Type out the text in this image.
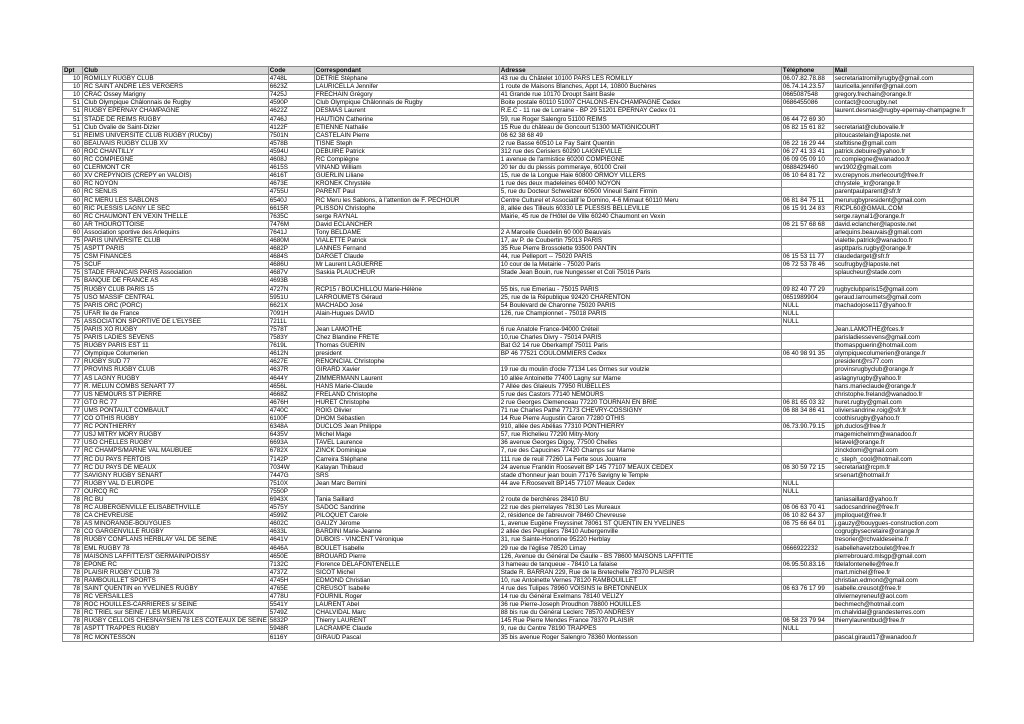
Dpt	Club	Code	Correspondant	Adresse	Téléphone	Mail
10	ROMILLY RUGBY CLUB	4748L	DETRIE Stéphane	43 rue du Châtelet 10100 PARS LES ROMILLY	06.07.82.78.88	secretariatromillyrugby@gmail.com
10	RC SAINT ANDRE LES VERGERS	6623Z	LAURICELLA Jennifer	1 route de Maisons Blanches, Appt 14, 10800 Buchères	06.74.14.23.57	lauricella.jennifer@gmail.com
10	CRAC Ossey Marigny	7425J	FRECHAIN Grégory	41 Grande rue 10170 Droupt Saint Basle	0665087548	gregory.frechain@orange.fr
51	Club Olympique Châlonnais de Rugby	4590P	Club Olympique Châlonnais de Rugby	Boite postale 60110 51007 CHALONS-EN-CHAMPAGNE Cedex	0686455086	contact@cocrugby.net
51	RUGBY EPERNAY CHAMPAGNE	4622Z	DESMAS Laurent	R.E.C - 11 rue de Lorraine - BP 29 51201 EPERNAY Cedex 01		laurent.desmas@rugby-epernay-champagne.fr
51	STADE DE REIMS RUGBY	4746J	HAUTION Catherine	59, rue Roger Salengro 51100 REIMS	06 44 72 69 30	
51	Club Ovalie de Saint-Dizier	4122F	ETIENNE Nathalie	15 Rue du château de Goncourt 51300 MATIGNICOURT	06 82 15 61 82	secretariat@clubovalie.fr
51	REIMS UNIVERSITE CLUB RUGBY (RUCby)	7501N	CASTELAIN Pierre	06 62 38 68 49		pitoucastelain@laposte.net
60	BEAUVAIS RUGBY CLUB XV	4578B	TISNE Steph	2 rue Basse 60510 Le Fay Saint Quentin	06 22 16 29 44	steftitisne@gmail.com
60	ROC CHANTILLY	4594U	DEBUIRE Patrick	312 rue des Cerisiers 60290 LAIGNEVILLE	06 27 41 33 41	patrick.debuire@yahoo.fr
60	RC COMPIEGNE	4608J	RC Compiègne	1 avenue de l'armistice 60200 COMPIEGNE	06 09 05 09 10	rc.compiegne@wanadoo.fr
60	CLERMONT CR	4615S	VINAND William	20 ter du du plessis pommeraye, 60100 Creil	0688429460	wv1902@gmail.com
60	XV CREPYNOIS (CREPY en VALOIS)	4616T	GUERLIN Liliane	15, rue de la Longue Haie 60800 ORMOY VILLERS	06 10 64 81 72	xv.crepynois.merlecourt@free.fr
60	RC NOYON	4673E	KRONEK Chrystèle	1 rue des deux madeleines 60400 NOYON		chrystele_kr@orange.fr
60	RC SENLIS	4755U	PARENT Paul	5, rue du Docteur Schweitzer 60500 Vineuil Saint Firmin		parentpaulparent@sfr.fr
60	RC MERU LES SABLONS	6540J	RC Meru les Sablons, à l'attention de F. PECHOUR	Centre Culturel et Associatif le Domino, 4-6 Mimaut 60110 Meru	06 81 84 75 11	merurugbypresident@gmail.com
60	RIC PLESSIS LAGNY LE SEC	6615R	PLISSON Christophe	8, allée des Tilleuls 60330 LE PLESSIS BELLEVILLE	06 15 91 24 83	RICPL60@GMAIL.COM
60	RC CHAUMONT EN VEXIN THELLE	7635C	serge RAYNAL	Mairie, 45 rue de l'Hôtel de Ville 60240 Chaumont en Vexin		serge.raynal1@orange.fr
60	AR THOUROTTOISE	7476M	David ECLANCHER		06 21 57 68 68	david.eclancher@laposte.net
60	Association sportive des Arlequins	7641J	Tony BELDAME	2 A Marcelle Guedelin 60 000 Beauvais		arlequins.beauvais@gmail.com
75	PARIS UNIVERSITE CLUB	4680M	VIALETTE Patrick	17, av P. de Coubertin 75013 PARIS		vialette.patrick@wanadoo.fr
75	ASPTT PARIS	4682P	LANNES Fernand	35 Rue Pierre Brossolette 93500 PANTIN		aspttparis.rugby@orange.fr
75	CSM FINANCES	4684S	DARGET Claude	44, rue Pelleport -- 75020 PARIS	06 15 53 11 77	claudedarget@sfr.fr
75	SCUF	4686U	Mr Laurent LAGUERRE	10 cour de la Metairie - 75020 Paris	06 72 53 78 46	scufrugby@laposte.net
75	STADE FRANCAIS PARIS Association	4687V	Saskia PLAUCHEUR	Stade Jean Bouin, rue Nungesser et Coli 75016 Paris		splaucheur@stade.com
75	BANQUE DE FRANCE AS	4693B				
75	RUGBY CLUB PARIS 15	4727N	RCP15 / BOUCHILLOU Marie-Hélène	55 bis, rue Emeriau - 75015 PARIS	09 82 40 77 29	rugbyclubparis15@gmail.com
75	USO MASSIF CENTRAL	5951U	LARROUMETS Géraud	25, rue de la République 92420 CHARENTON	0651989904	geraud.larroumets@gmail.com
75	PARIS ORC (PORC)	6621X	MACHADO José	54 Boulevard de Charonne 75020 PARIS	NULL	machadojose117@yahoo.fr
75	UFAR Ile de France	7091H	Alain-Hugues DAVID	126, rue Championnet - 75018 PARIS	NULL	
75	ASSOCIATION SPORTIVE DE L'ELYSEE	7211L			NULL	
75	PARIS XO RUGBY	7578T	Jean LAMOTHE	6 rue Anatole France-94000 Créteil		Jean.LAMOTHE@fces.fr
75	PARIS LADIES SEVENS	7583Y	Chez Blandine FRETE	10,rue Charles Divry - 75014 PARIS		parisladiessevens@gmail.com
75	RUGBY PARIS EST 11	7619L	Thomas GUERIN	Bat G2 14 rue Oberkampf 75011 Paris		thomaspguerin@hotmail.com
77	Olympique Columerien	4612N	president	BP 46 77521 COULOMMIERS Cedex	06 40 98 91 35	olympiquecolumerien@orange.fr
77	RUGBY SUD 77	4627E	RENONCIAL Christophe			president@rs77.com
77	PROVINS RUGBY CLUB	4637R	GIRARD Xavier	19 rue du moulin d'ocle 77134 Les Ormes sur voulzie		provinsrugbyclub@orange.fr
77	AS LAGNY RUGBY	4644Y	ZIMMERMANN Laurent	10 allée Antoinette 77400 Lagny sur Marne		aslagnyrugby@yahoo.fr
77	R. MELUN COMBS SENART 77	4656L	HANS Marie-Claude	7 Allée des Glaieuls 77950 RUBELLES		hans.marieclaude@orange.fr
77	US NEMOURS ST PIERRE	4668Z	FRELAND Christophe	5 rue des Castors 77140 NEMOURS		christophe.freland@wanadoo.fr
77	GTO RC 77	4676H	HURET Christophe	2 rue Georges Clemenceau 77220 TOURNAN EN BRIE	06 81 65 03 32	huret.rugby@gmail.com
77	UMS PONTAULT COMBAULT	4740C	ROIG Olivier	71 rue Charles Pathé 77173 CHEVRY-COSSIGNY	06 88 34 86 41	oliviersandrine.roig@sfr.fr
77	CO OTHIS RUGBY	6100F	DHOM Sébastien	14 Rue Pierre Augustin Caron 77280 OTHIS		coothisrugby@yahoo.fr
77	RC PONTHIERRY	6348A	DUCLOS Jean Philippe	910, allée des Abélias 77310 PONTHIERRY	06.73.90.79.15	jph.duclos@free.fr
77	USJ MITRY MORY RUGBY	6435V	Michel Mage	57, rue Richelieu 77290 Mitry-Mory		magemichelmm@wanadoo.fr
77	USO CHELLES RUGBY	6693A	TAVEL Laurence	36 avenue Georges Digoy, 77500 Chelles		letavel@orange.fr
77	RC CHAMPS/MARNE VAL MAUBUEE	6782X	ZINCK Dominique	7, rue des Capucines 77420 Champs sur Marne		zinckdomi@gmail.com
77	RC DU PAYS FERTOIS	7142P	Carreira Stéphane	111 rue de reuil 77260 La Ferte sous Jouarre		c_steph_cool@hotmail.com
77	RC DU PAYS DE MEAUX	7034W	Kalayan Thibaud	24 avenue Franklin Roosevelt BP 145 77107 MEAUX CEDEX	06 30 59 72 15	secretariat@rcpm.fr
77	SAVIGNY RUGBY SENART	7447G	SRS	stade d'honneur jean bouin 77176 Savigny le Temple		srsenart@hotmail.fr
77	RUGBY VAL D EUROPE	7510X	Jean Marc Bernini	44 ave F.Roosevelt BP145 77107 Meaux Cedex	NULL	
77	OURCQ RC	7550P			NULL	
78	RC BU	6943X	Tania Saillard	2 route de berchères 28410 BU		taniasaillard@yahoo.fr
78	RC AUBERGENVILLE ELISABETHVILLE	4575Y	SADOC Sandrine	22 rue des pierrelayes 78130 Les Mureaux	06 06 63 70 41	sadocsandrine@free.fr
78	CA CHEVREUSE	4599Z	PILOQUET Carole	2, résidence de l'abreuvoir 78460 Chevreuse	06 10 82 64 37	jmpiloquet@free.fr
78	AS MINORANGE-BOUYGUES	4602C	GAUZY Jérome	1, avenue Eugène Freyssinet 78061 ST QUENTIN EN YVELINES	06 75 66 64 01	j.gauzy@bouygues-construction.com
78	CO GARGENVILLE RUGBY	4633L	BARDINI Marie-Jeanne	2 allée des Peupliers 78410 Aubergenville		cogrugbysecretaire@orange.fr
78	RUGBY CONFLANS HERBLAY VAL DE SEINE	4641V	DUBOIS - VINCENT Véronique	31, rue Sainte-Honorine 95220 Herblay		tresorier@rchvaldeseine.fr
78	EML RUGBY 78	4646A	BOULET Isabelle	29 rue de l'église 78520 Limay	0666922232	isabellehavetzboulet@free.fr
78	MAISONS LAFFITTE/ST GERMAIN/POISSY	4650E	BROUARD Pierre	126, Avenue du Général De Gaulle - BS 78600 MAISONS LAFFITTE		pierrebrouard.mlsgp@gmail.com
78	EPONE RC	7132C	Florence DELAFONTENELLE	3 hameau de tanqueue - 78410 La falaise	06.95.50.83.16	fdelafontenelle@free.fr
78	PLAISIR RUGBY CLUB 78	4737Z	SICOT Michel	Stade R. BARRAN 229, Rue de la Bretechelle 78370 PLAISIR		mart.michel@free.fr
78	RAMBOUILLET SPORTS	4745H	EDMOND Christian	10, rue Antoinette Vernes 78120 RAMBOUILLET		christian.edmond@gmail.com
78	SAINT QUENTIN en YVELINES RUGBY	4765E	CREUSOT Isabelle	4 rue des Tulipes 78960 VOISINS le BRETONNEUX	06 63 76 17 99	isabelle.creusot@free.fr
78	RC VERSAILLES	4778U	FOURNIL Roger	14 rue du Général Exelmans 78140 VELIZY		olivierneyreneuf@aol.com
78	ROC HOUILLES-CARRIERES s/ SEINE	5541Y	LAURENT Abel	36 rue Pierre-Joseph Proudhon 78800 HOUILLES		bechmech@hotmail.com
78	RC TRIEL sur SEINE / LES MUREAUX	5749Z	CHALVIDAL Marc	88 bis rue du Général Leclerc 78570 ANDRESY		m.chalvidal@grandesterres.com
78	RUGBY CELLOIS CHESNAYSIEN 78 LES COTEAUX DE SEINE	5832P	Thierry LAURENT	145 Rue Pierre Mendes France 78370 PLAISIR	06 58 23 79 94	thierrylaurentbud@free.fr
78	ASPTT TRAPPES RUGBY	5948R	LACRAMPE Claude	9, rue du Centre 78190 TRAPPES	NULL	
78	RC MONTESSON	6116Y	GIRAUD Pascal	35 bis avenue Roger Salengro 78360 Montesson		pascal.giraud17@wanadoo.fr
